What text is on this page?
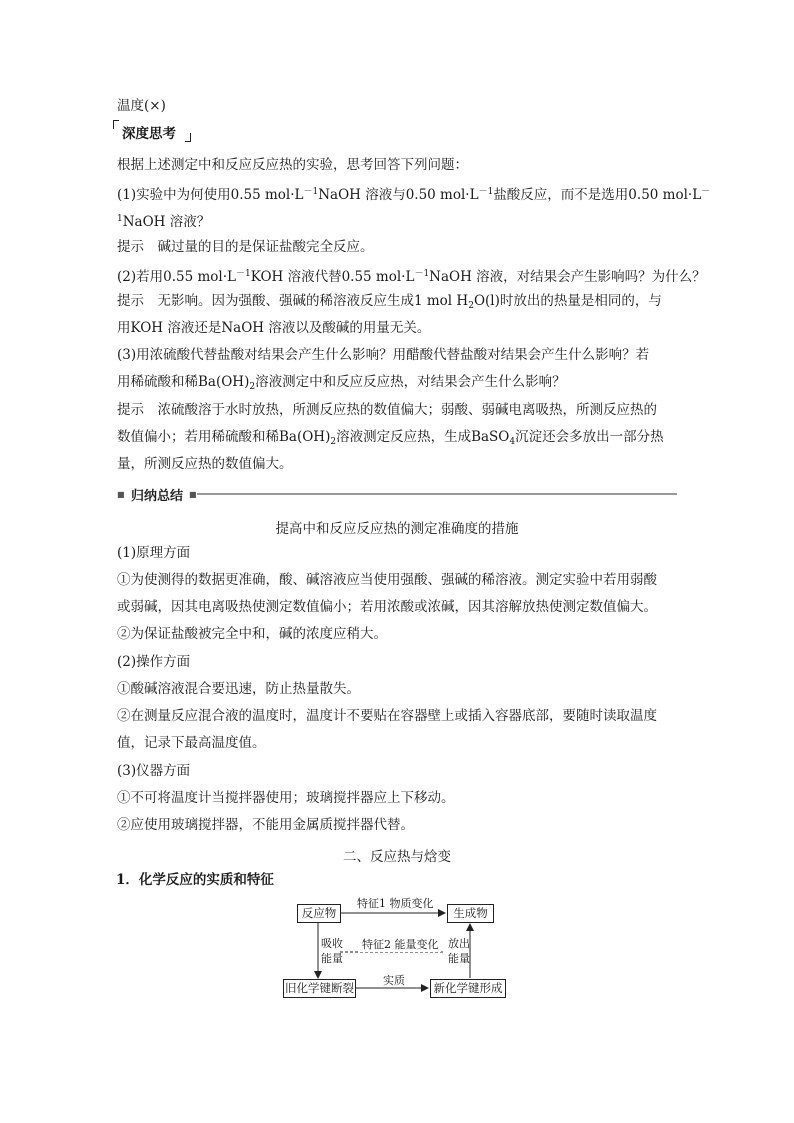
温度(×)
深度思考
根据上述测定中和反应反应热的实验，思考回答下列问题：
(1)实验中为何使用0.55 $mol\cdot L^{-1}NaOH$ 溶液与0.50 $mol\cdot L^{-1}$盐酸反应，而不是选用0.50 mol·L－
$^1$NaOH 溶液？
提示　碱过量的目的是保证盐酸完全反应。
(2)若用0.55 $mol\cdot L^{-1}KOH$ 溶液代替0.55 $mol\cdot L^{-1}NaOH$ 溶液，对结果会产生影响吗？为什么？
提示　无影响。因为强酸、强碱的稀溶液反应生成1 mol $H_2O(l)$时放出的热量是相同的，与
用KOH 溶液还是NaOH 溶液以及酸碱的用量无关。
(3)用浓硫酸代替盐酸对结果会产生什么影响？用醋酸代替盐酸对结果会产生什么影响？若
用稀硫酸和稀$Ba(OH)_2$溶液测定中和反应反应热，对结果会产生什么影响？
提示　浓硫酸溶于水时放热，所测反应热的数值偏大；弱酸、弱碱电离吸热，所测反应热的
数值偏小；若用稀硫酸和稀$Ba(OH)_2$溶液测定反应热，生成BaSO$_4$沉淀还会多放出一部分热
量，所测反应热的数值偏大。
■ 归纳总结 ■
提高中和反应反应热的测定准确度的措施
(1)原理方面
①为使测得的数据更准确，酸、碱溶液应当使用强酸、强碱的稀溶液。测定实验中若用弱酸
或弱碱，因其电离吸热使测定数值偏小；若用浓酸或浓碱，因其溶解放热使测定数值偏大。
②为保证盐酸被完全中和，碱的浓度应稍大。
(2)操作方面
①酸碱溶液混合要迅速，防止热量散失。
②在测量反应混合液的温度时，温度计不要贴在容器壁上或插入容器底部，要随时读取温度
值，记录下最高温度值。
(3)仪器方面
①不可将温度计当搅拌器使用；玻璃搅拌器应上下移动。
②应使用玻璃搅拌器，不能用金属质搅拌器代替。
二、反应热与焓变
1．化学反应的实质和特征
反应物	生成物
旧化学键断裂	新化学键形成
特征1 物质变化
特征2 能量变化
吸收
能量
放出
能量
实质
